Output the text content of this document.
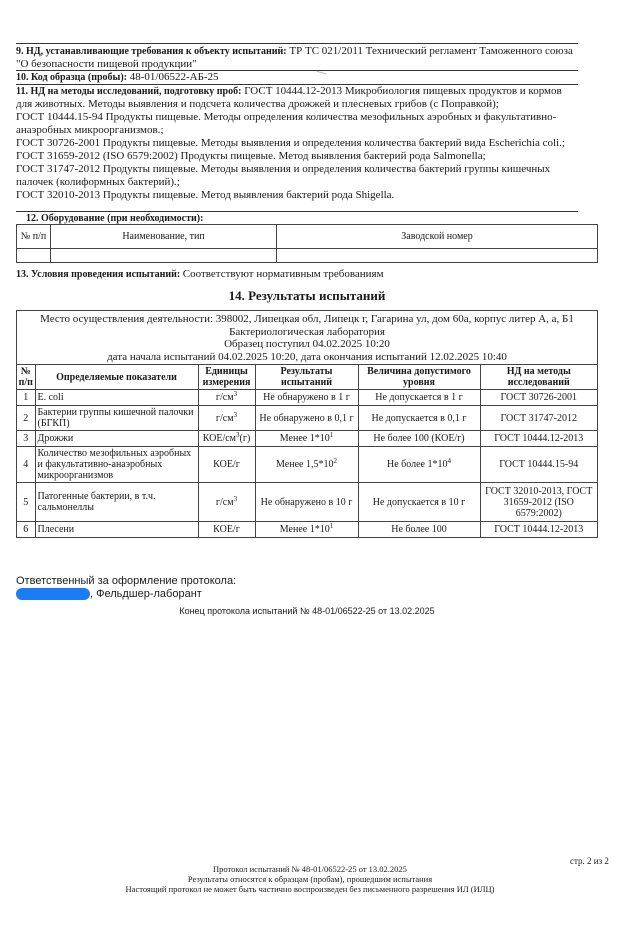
9. НД, устанавливающие требования к объекту испытаний: ТР ТС 021/2011 Технический регламент Таможенного союза "О безопасности пищевой продукции"
10. Код образца (пробы): 48-01/06522-АБ-25
11. НД на методы исследований, подготовку проб: ГОСТ 10444.12-2013 Микробиология пищевых продуктов и кормов для животных. Методы выявления и подсчета количества дрожжей и плесневых грибов (с Поправкой);
ГОСТ 10444.15-94 Продукты пищевые. Методы определения количества мезофильных аэробных и факультативно-анаэробных микроорганизмов.;
ГОСТ 30726-2001 Продукты пищевые. Методы выявления и определения количества бактерий вида Escherichia coli.;
ГОСТ 31659-2012 (ISO 6579:2002) Продукты пищевые. Метод выявления бактерий рода Salmonella;
ГОСТ 31747-2012 Продукты пищевые. Методы выявления и определения количества бактерий группы кишечных палочек (колиформных бактерий).;
ГОСТ 32010-2013 Продукты пищевые. Метод выявления бактерий рода Shigella.
12. Оборудование (при необходимости):
№ п/п	Наименование, тип	Заводской номер

13. Условия проведения испытаний: Соответствуют нормативным требованиям
14. Результаты испытаний
Место осуществления деятельности: 398002, Липецкая обл, Липецк г, Гагарина ул, дом 60а, корпус литер А, а, Б1
Бактериологическая лаборатория
Образец поступил 04.02.2025 10:20
дата начала испытаний 04.02.2025 10:20, дата окончания испытаний 12.02.2025 10:40
№ п/п	Определяемые показатели	Единицы измерения	Результаты испытаний	Величина допустимого уровня	НД на методы исследований
1	E. coli	$г/см^3$	Не обнаружено в 1 г	Не допускается в 1 г	ГОСТ 30726-2001
2	Бактерии группы кишечной палочки (БГКП)	$г/см^3$	Не обнаружено в 0,1 г	Не допускается в 0,1 г	ГОСТ 31747-2012
3	Дрожжи	КОЕ/$см^3(г)$	Менее $1*10^1$	Не более 100 (КОЕ/г)	ГОСТ 10444.12-2013
4	Количество мезофильных аэробных и факультативно-анаэробных микроорганизмов	КОЕ/г	Менее $1,5*10^2$	Не более $1*10^4$	ГОСТ 10444.15-94
5	Патогенные бактерии, в т.ч. сальмонеллы	$г/см^3$	Не обнаружено в 10 г	Не допускается в 10 г	ГОСТ 32010-2013, ГОСТ 31659-2012 (ISO 6579:2002)
6	Плесени	КОЕ/г	Менее $1*10^1$	Не более 100	ГОСТ 10444.12-2013
Ответственный за оформление протокола:
, Фельдшер-лаборант
Конец протокола испытаний № 48-01/06522-25 от 13.02.2025
стр. 2 из 2
Протокол испытаний № 48-01/06522-25 от 13.02.2025
Результаты относятся к образцам (пробам), прошедшим испытания
Настоящий протокол не может быть частично воспроизведен без письменного разрешения ИЛ (ИЛЦ)
